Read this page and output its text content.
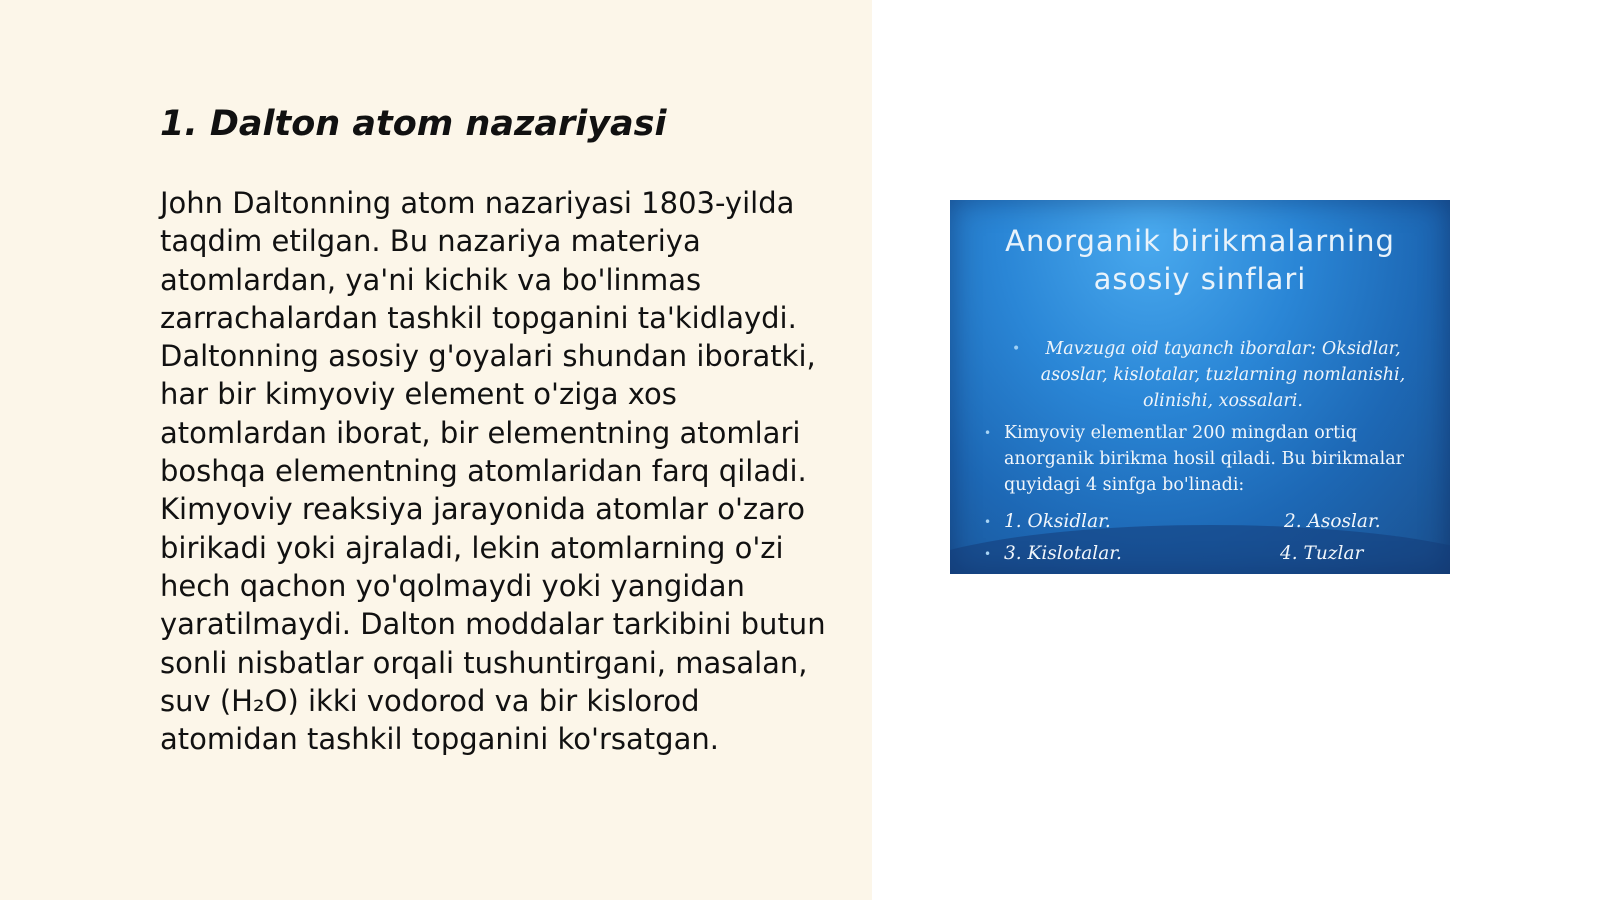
1. Dalton atom nazariyasi

John Daltonning atom nazariyasi 1803-yilda taqdim etilgan. Bu nazariya materiya atomlardan, ya'ni kichik va bo'linmas zarrachalardan tashkil topganini ta'kidlaydi. Daltonning asosiy g'oyalari shundan iboratki, har bir kimyoviy element o'ziga xos atomlardan iborat, bir elementning atomlari boshqa elementning atomlaridan farq qiladi. Kimyoviy reaksiya jarayonida atomlar o'zaro birikadi yoki ajraladi, lekin atomlarning o'zi hech qachon yo'qolmaydi yoki yangidan yaratilmaydi. Dalton moddalar tarkibini butun sonli nisbatlar orqali tushuntirgani, masalan, suv (H₂O) ikki vodorod va bir kislorod atomidan tashkil topganini ko'rsatgan.

Anorganik birikmalarning
asosiy sinflari
• Mavzuga oid tayanch iboralar: Oksidlar, asoslar, kislotalar, tuzlarning nomlanishi, olinishi, xossalari.
• Kimyoviy elementlar 200 mingdan ortiq anorganik birikma hosil qiladi. Bu birikmalar quyidagi 4 sinfga bo'linadi:
• 1. Oksidlar.	2. Asoslar.
• 3. Kislotalar.	4. Tuzlar
